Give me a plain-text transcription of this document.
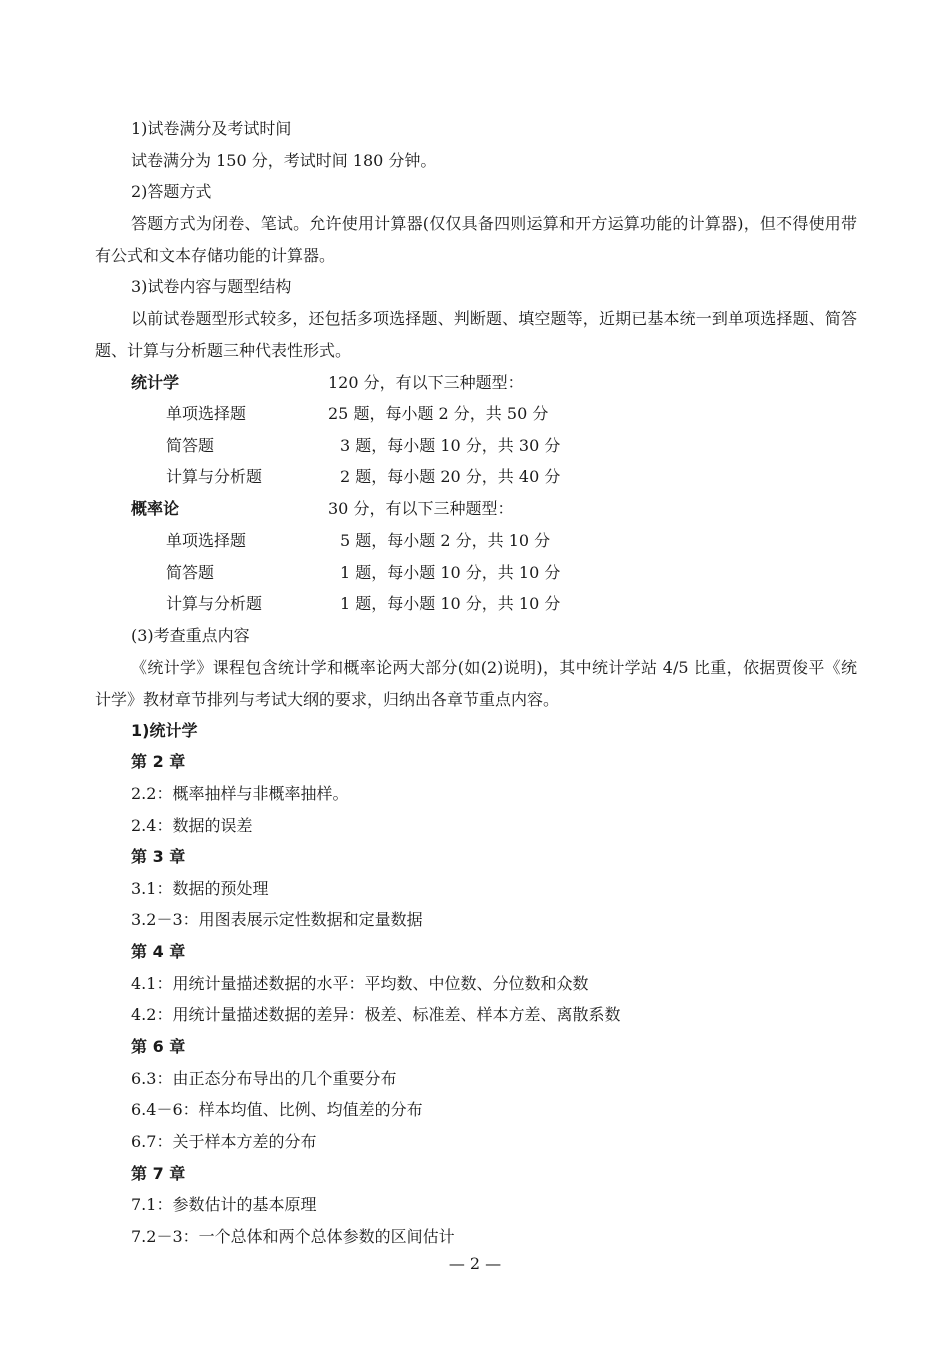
1)试卷满分及考试时间
试卷满分为 150 分，考试时间 180 分钟。
2)答题方式
答题方式为闭卷、笔试。允许使用计算器(仅仅具备四则运算和开方运算功能的计算器)，但不得使用带有公式和文本存储功能的计算器。
3)试卷内容与题型结构
以前试卷题型形式较多，还包括多项选择题、判断题、填空题等，近期已基本统一到单项选择题、简答题、计算与分析题三种代表性形式。
统计学	120 分，有以下三种题型：
单项选择题	25 题，每小题 2 分，共 50 分
简答题	3 题，每小题 10 分，共 30 分
计算与分析题	2 题，每小题 20 分，共 40 分
概率论	30 分，有以下三种题型：
单项选择题	5 题，每小题 2 分，共 10 分
简答题	1 题，每小题 10 分，共 10 分
计算与分析题	1 题，每小题 10 分，共 10 分
(3)考查重点内容
《统计学》课程包含统计学和概率论两大部分(如(2)说明)，其中统计学站 4/5 比重，依据贾俊平《统计学》教材章节排列与考试大纲的要求，归纳出各章节重点内容。
1)统计学
第 2 章
2.2：概率抽样与非概率抽样。
2.4：数据的误差
第 3 章
3.1：数据的预处理
3.2－3：用图表展示定性数据和定量数据
第 4 章
4.1：用统计量描述数据的水平：平均数、中位数、分位数和众数
4.2：用统计量描述数据的差异：极差、标准差、样本方差、离散系数
第 6 章
6.3：由正态分布导出的几个重要分布
6.4－6：样本均值、比例、均值差的分布
6.7：关于样本方差的分布
第 7 章
7.1：参数估计的基本原理
7.2－3：一个总体和两个总体参数的区间估计
— 2 —
